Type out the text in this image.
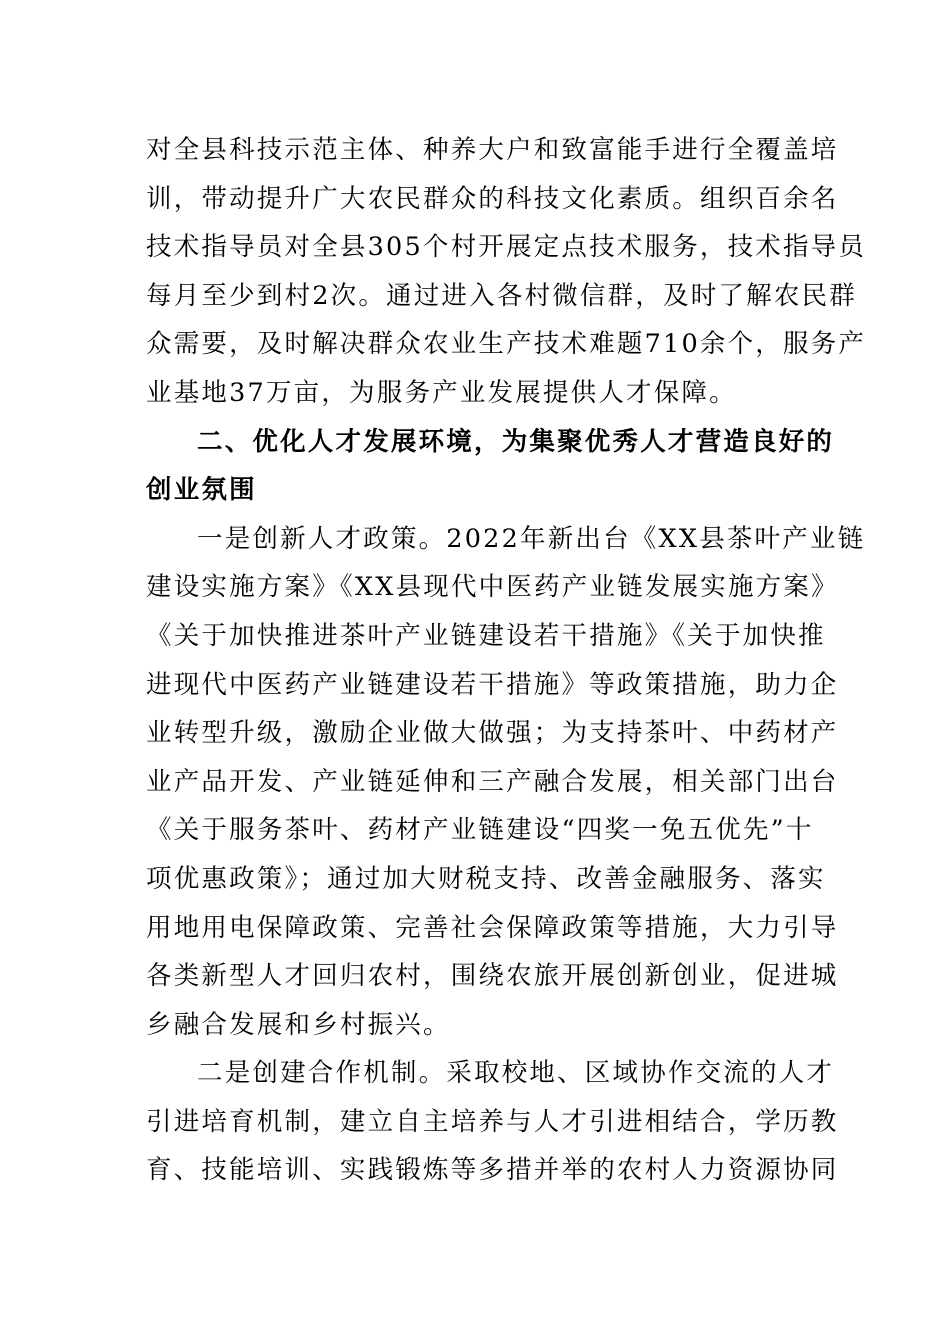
对全县科技示范主体、种养大户和致富能手进行全覆盖培
训，带动提升广大农民群众的科技文化素质。组织百余名
技术指导员对全县305个村开展定点技术服务，技术指导员
每月至少到村2次。通过进入各村微信群，及时了解农民群
众需要，及时解决群众农业生产技术难题710余个，服务产
业基地37万亩，为服务产业发展提供人才保障。
二、优化人才发展环境，为集聚优秀人才营造良好的
创业氛围
一是创新人才政策。2022年新出台《XX县茶叶产业链
建设实施方案》《XX县现代中医药产业链发展实施方案》
《关于加快推进茶叶产业链建设若干措施》《关于加快推
进现代中医药产业链建设若干措施》等政策措施，助力企
业转型升级，激励企业做大做强；为支持茶叶、中药材产
业产品开发、产业链延伸和三产融合发展，相关部门出台
《关于服务茶叶、药材产业链建设“四奖一免五优先”十
项优惠政策》；通过加大财税支持、改善金融服务、落实
用地用电保障政策、完善社会保障政策等措施，大力引导
各类新型人才回归农村，围绕农旅开展创新创业，促进城
乡融合发展和乡村振兴。
二是创建合作机制。采取校地、区域协作交流的人才
引进培育机制，建立自主培养与人才引进相结合，学历教
育、技能培训、实践锻炼等多措并举的农村人力资源协同
